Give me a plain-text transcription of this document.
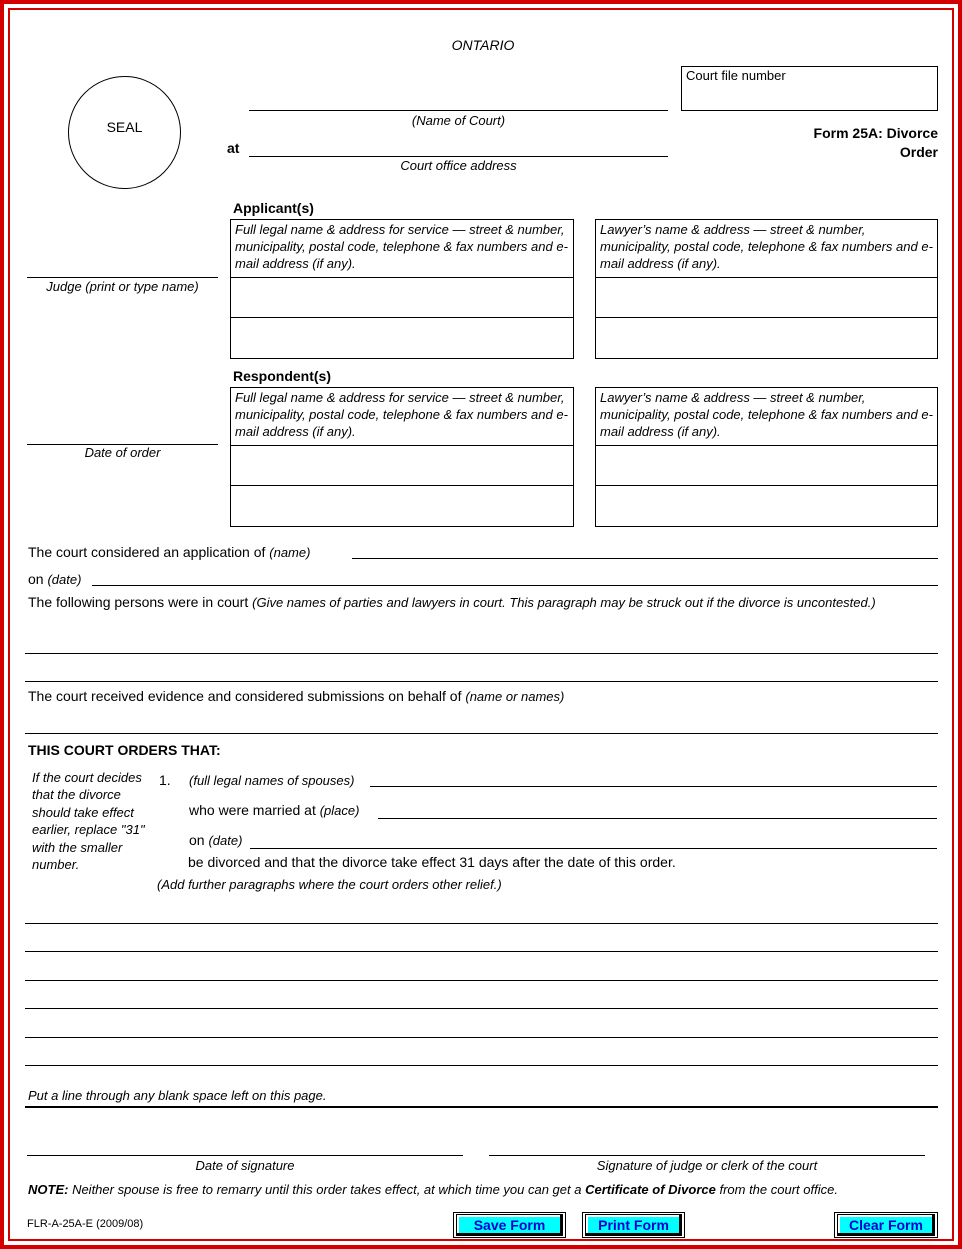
ONTARIO
SEAL	(Name of Court)
at
Court office address
Court file number
Form 25A: Divorce
Order
Judge (print or type name)
Date of order
Applicant(s)
Full legal name & address for service — street & number, municipality, postal code, telephone & fax numbers and e-mail address (if any).
Lawyer’s name & address — street & number, municipality, postal code, telephone & fax numbers and e-mail address (if any).
Respondent(s)
Full legal name & address for service — street & number, municipality, postal code, telephone & fax numbers and e-mail address (if any).
Lawyer’s name & address — street & number, municipality, postal code, telephone & fax numbers and e-mail address (if any).
The court considered an application of (name)
on (date)
The following persons were in court (Give names of parties and lawyers in court. This paragraph may be struck out if the divorce is uncontested.)
The court received evidence and considered submissions on behalf of (name or names)
THIS COURT ORDERS THAT:
If the court decides that the divorce should take effect earlier, replace "31" with the smaller number.
1. (full legal names of spouses)
who were married at (place)
on (date)
be divorced and that the divorce take effect 31 days after the date of this order.
(Add further paragraphs where the court orders other relief.)
Put a line through any blank space left on this page.
Date of signature	Signature of judge or clerk of the court
NOTE: Neither spouse is free to remarry until this order takes effect, at which time you can get a Certificate of Divorce from the court office.
FLR-A-25A-E (2009/08)	Save Form	Print Form	Clear Form
